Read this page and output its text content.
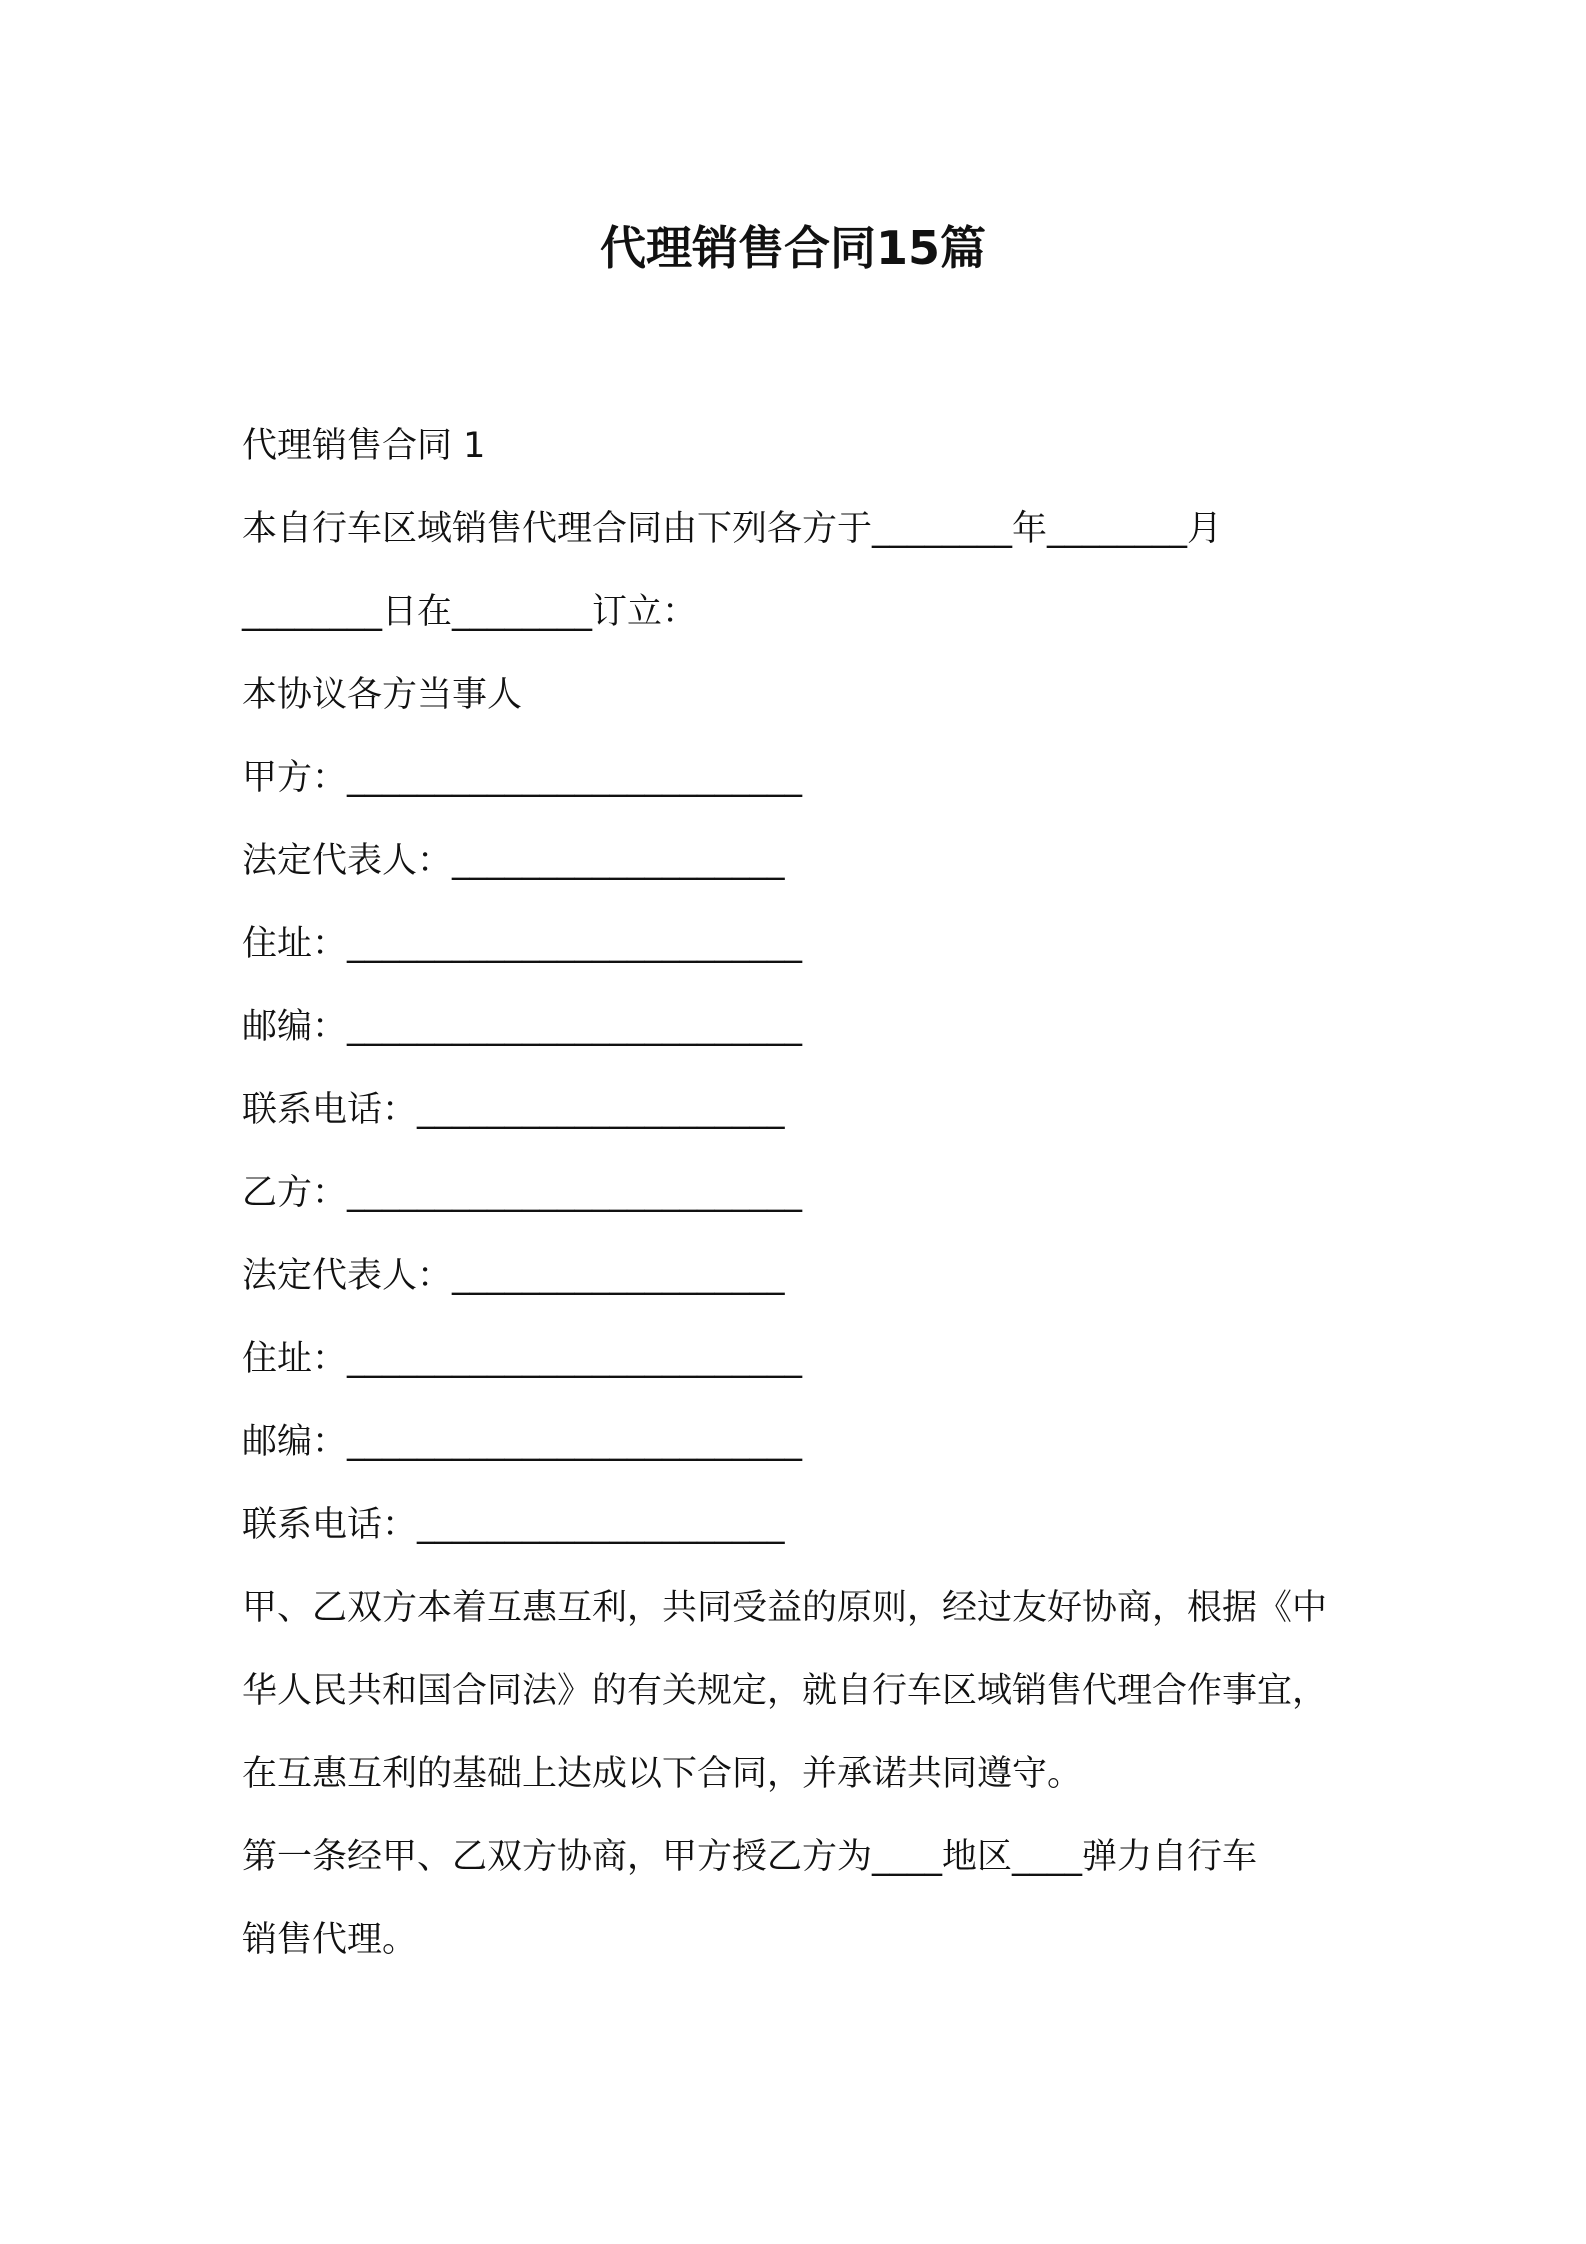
代理销售合同15篇

代理销售合同 1

本自行车区域销售代理合同由下列各方于________年________月

________日在________订立：

本协议各方当事人

甲方：__________________________

法定代表人：___________________

住址：__________________________

邮编：__________________________

联系电话：_____________________

乙方：__________________________

法定代表人：___________________

住址：__________________________

邮编：__________________________

联系电话：_____________________

甲、乙双方本着互惠互利，共同受益的原则，经过友好协商，根据《中

华人民共和国合同法》的有关规定，就自行车区域销售代理合作事宜，

在互惠互利的基础上达成以下合同，并承诺共同遵守。

第一条经甲、乙双方协商，甲方授乙方为____地区____弹力自行车

销售代理。
